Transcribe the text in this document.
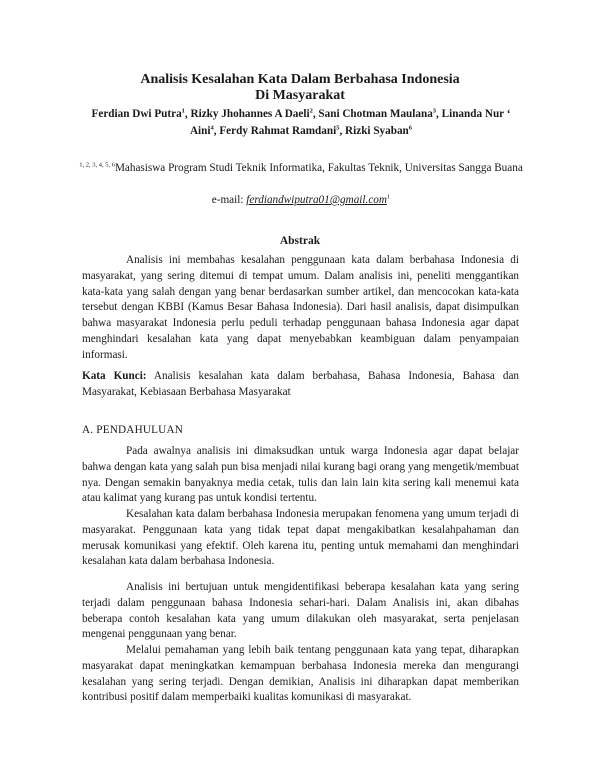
Analisis Kesalahan Kata Dalam Berbahasa Indonesia
Di Masyarakat
Ferdian Dwi Putra$^1$, Rizky Jhohannes A Daeli$^2$, Sani Chotman Maulana$^3$, Linanda Nur ‘
Aini$^4$, Ferdy Rahmat Ramdani$^5$, Rizki Syaban$^6$
$^{1, 2, 3, 4, 5, 6}$Mahasiswa Program Studi Teknik Informatika, Fakultas Teknik, Universitas Sangga Buana
e-mail: ferdiandwiputra01@gmail.com$^1$
Abstrak

Analisis ini membahas kesalahan penggunaan kata dalam berbahasa Indonesia di masyarakat, yang sering ditemui di tempat umum. Dalam analisis ini, peneliti menggantikan kata-kata yang salah dengan yang benar berdasarkan sumber artikel, dan mencocokan kata-kata tersebut dengan KBBI (Kamus Besar Bahasa Indonesia). Dari hasil analisis, dapat disimpulkan bahwa masyarakat Indonesia perlu peduli terhadap penggunaan bahasa Indonesia agar dapat menghindari kesalahan kata yang dapat menyebabkan keambiguan dalam penyampaian informasi.

Kata Kunci: Analisis kesalahan kata dalam berbahasa, Bahasa Indonesia, Bahasa dan Masyarakat, Kebiasaan Berbahasa Masyarakat

A. PENDAHULUAN

Pada awalnya analisis ini dimaksudkan untuk warga Indonesia agar dapat belajar bahwa dengan kata yang salah pun bisa menjadi nilai kurang bagi orang yang mengetik/membuat nya. Dengan semakin banyaknya media cetak, tulis dan lain lain kita sering kali menemui kata atau kalimat yang kurang pas untuk kondisi tertentu.

Kesalahan kata dalam berbahasa Indonesia merupakan fenomena yang umum terjadi di masyarakat. Penggunaan kata yang tidak tepat dapat mengakibatkan kesalahpahaman dan merusak komunikasi yang efektif. Oleh karena itu, penting untuk memahami dan menghindari kesalahan kata dalam berbahasa Indonesia.

Analisis ini bertujuan untuk mengidentifikasi beberapa kesalahan kata yang sering terjadi dalam penggunaan bahasa Indonesia sehari-hari. Dalam Analisis ini, akan dibahas beberapa contoh kesalahan kata yang umum dilakukan oleh masyarakat, serta penjelasan mengenai penggunaan yang benar.

Melalui pemahaman yang lebih baik tentang penggunaan kata yang tepat, diharapkan masyarakat dapat meningkatkan kemampuan berbahasa Indonesia mereka dan mengurangi kesalahan yang sering terjadi. Dengan demikian, Analisis ini diharapkan dapat memberikan kontribusi positif dalam memperbaiki kualitas komunikasi di masyarakat.
